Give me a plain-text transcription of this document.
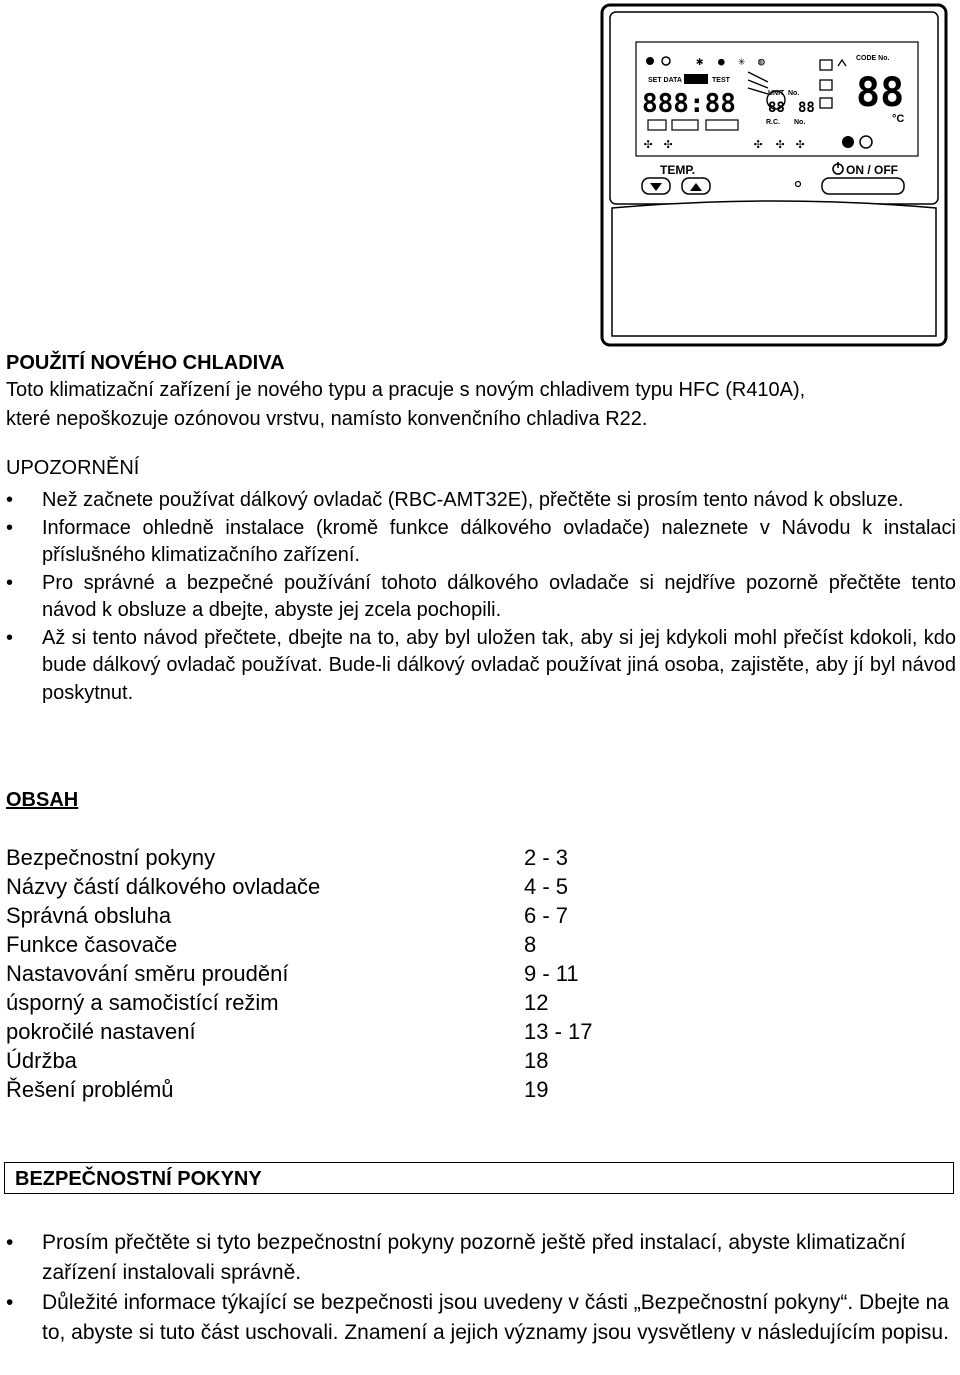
✱ ● ✳ ◍	CODE No.
SET DATA	TEST
888:88	UNIT No.
R.C. No.
88 88 88
°C
✣ ✣	✣ ✣ ✣
TEMP.	ON / OFF
POUŽITÍ NOVÉHO CHLADIVA
Toto klimatizační zařízení je nového typu a pracuje s novým chladivem typu HFC (R410A),
které nepoškozuje ozónovou vrstvu, namísto konvenčního chladiva R22.
UPOZORNĚNÍ
• Než začnete používat dálkový ovladač (RBC-AMT32E), přečtěte si prosím tento návod k obsluze.
• Informace ohledně instalace (kromě funkce dálkového ovladače) naleznete v Návodu k instalaci příslušného klimatizačního zařízení.
• Pro správné a bezpečné používání tohoto dálkového ovladače si nejdříve pozorně přečtěte tento návod k obsluze a dbejte, abyste jej zcela pochopili.
• Až si tento návod přečtete, dbejte na to, aby byl uložen tak, aby si jej kdykoli mohl přečíst kdokoli, kdo bude dálkový ovladač používat. Bude-li dálkový ovladač používat jiná osoba, zajistěte, aby jí byl návod poskytnut.
OBSAH
Bezpečnostní pokyny	2 - 3
Názvy částí dálkového ovladače	4 - 5
Správná obsluha	6 - 7
Funkce časovače	8
Nastavování směru proudění	9 - 11
úsporný a samočistící režim	12
pokročilé nastavení	13 - 17
Údržba	18
Řešení problémů	19
BEZPEČNOSTNÍ POKYNY
• Prosím přečtěte si tyto bezpečnostní pokyny pozorně ještě před instalací, abyste klimatizační zařízení instalovali správně.
• Důležité informace týkající se bezpečnosti jsou uvedeny v části „Bezpečnostní pokyny“. Dbejte na to, abyste si tuto část uschovali. Znamení a jejich významy jsou vysvětleny v následujícím popisu.
